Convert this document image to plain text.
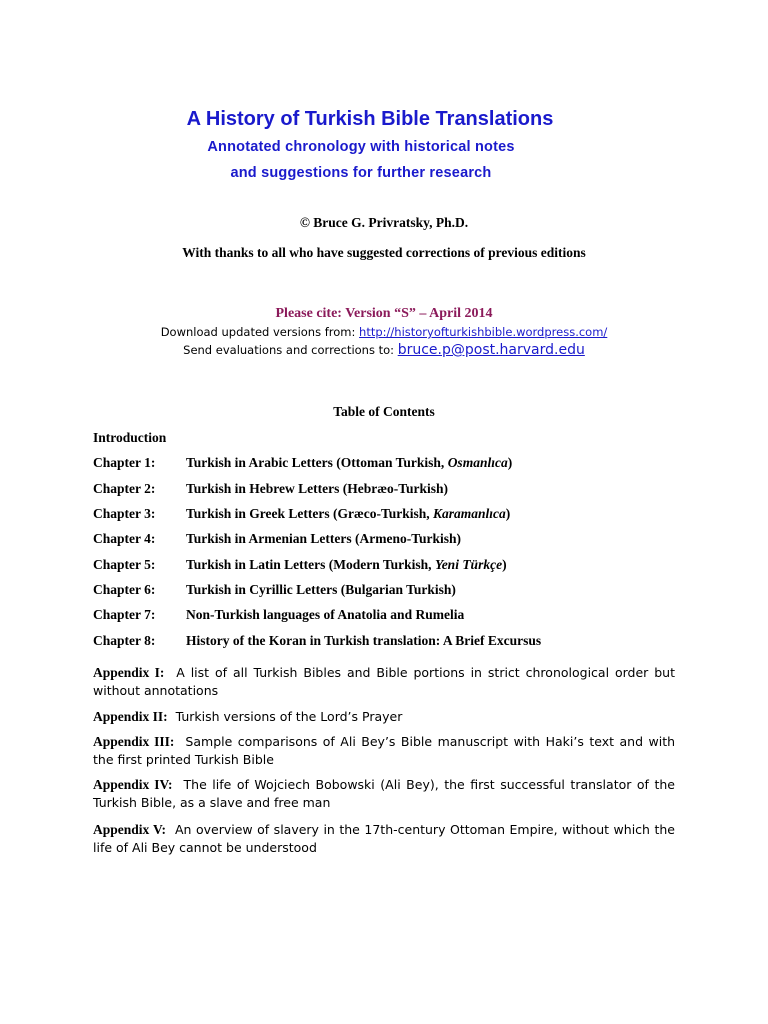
A History of Turkish Bible Translations
Annotated chronology with historical notes
and suggestions for further research
© Bruce G. Privratsky, Ph.D.
With thanks to all who have suggested corrections of previous editions
Please cite: Version “S” – April 2014
Download updated versions from: http://historyofturkishbible.wordpress.com/
Send evaluations and corrections to: bruce.p@post.harvard.edu
Table of Contents
Introduction
Chapter 1: Turkish in Arabic Letters (Ottoman Turkish, Osmanlıca)
Chapter 2: Turkish in Hebrew Letters (Hebræo-Turkish)
Chapter 3: Turkish in Greek Letters (Græco-Turkish, Karamanlıca)
Chapter 4: Turkish in Armenian Letters (Armeno-Turkish)
Chapter 5: Turkish in Latin Letters (Modern Turkish, Yeni Türkçe)
Chapter 6: Turkish in Cyrillic Letters (Bulgarian Turkish)
Chapter 7: Non-Turkish languages of Anatolia and Rumelia
Chapter 8: History of the Koran in Turkish translation: A Brief Excursus
Appendix I:  A list of all Turkish Bibles and Bible portions in strict chronological order but without annotations
Appendix II:  Turkish versions of the Lord’s Prayer
Appendix III:  Sample comparisons of Ali Bey’s Bible manuscript with Haki’s text and with the first printed Turkish Bible
Appendix IV:  The life of Wojciech Bobowski (Ali Bey), the first successful translator of the Turkish Bible, as a slave and free man
Appendix V:  An overview of slavery in the 17th-century Ottoman Empire, without which the life of Ali Bey cannot be understood
